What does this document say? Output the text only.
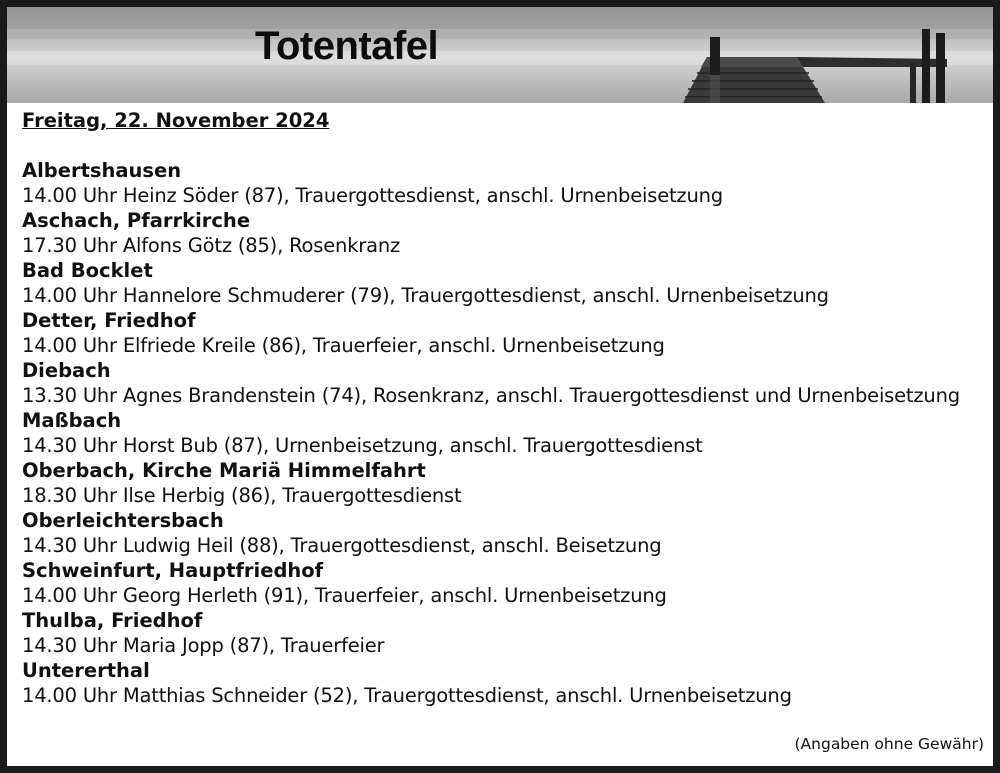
Totentafel
Freitag, 22. November 2024
Albertshausen
14.00 Uhr Heinz Söder (87), Trauergottesdienst, anschl. Urnenbeisetzung
Aschach, Pfarrkirche
17.30 Uhr Alfons Götz (85), Rosenkranz
Bad Bocklet
14.00 Uhr Hannelore Schmuderer (79), Trauergottesdienst, anschl. Urnenbeisetzung
Detter, Friedhof
14.00 Uhr Elfriede Kreile (86), Trauerfeier, anschl. Urnenbeisetzung
Diebach
13.30 Uhr Agnes Brandenstein (74), Rosenkranz, anschl. Trauergottesdienst und Urnenbeisetzung
Maßbach
14.30 Uhr Horst Bub (87), Urnenbeisetzung, anschl. Trauergottesdienst
Oberbach, Kirche Mariä Himmelfahrt
18.30 Uhr Ilse Herbig (86), Trauergottesdienst
Oberleichtersbach
14.30 Uhr Ludwig Heil (88), Trauergottesdienst, anschl. Beisetzung
Schweinfurt, Hauptfriedhof
14.00 Uhr Georg Herleth (91), Trauerfeier, anschl. Urnenbeisetzung
Thulba, Friedhof
14.30 Uhr Maria Jopp (87), Trauerfeier
Untererthal
14.00 Uhr Matthias Schneider (52), Trauergottesdienst, anschl. Urnenbeisetzung
(Angaben ohne Gewähr)
